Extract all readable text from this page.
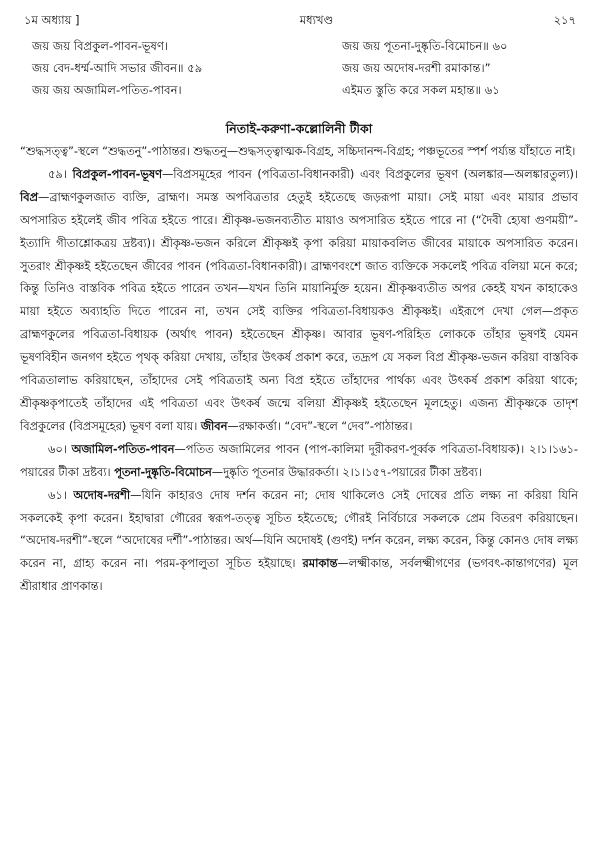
১ম অধ্যায় ]	মধ্যখণ্ড	২১৭
জয় জয় বিপ্রকুল-পাবন-ভূষণ।	জয় জয় পূতনা-দুষ্কৃতি-বিমোচন॥ ৬০
জয় বেদ-ধর্ম্ম-আদি সভার জীবন॥ ৫৯	জয় জয় অদোষ-দরশী রমাকান্ত।”
জয় জয় অজামিল-পতিত-পাবন।	এইমত স্তুতি করে সকল মহান্ত॥ ৬১
নিতাই-করুণা-কল্লোলিনী টীকা

“শুদ্ধসত্ত্ব”-স্থলে “শুদ্ধতনু”-পাঠান্তর। শুদ্ধতনু—শুদ্ধসত্ত্বাত্মক-বিগ্রহ, সচ্চিদানন্দ-বিগ্রহ; পঞ্চভূতের স্পর্শ পর্য্যন্ত যাঁহাতে নাই।

৫৯। বিপ্রকুল-পাবন-ভূষণ—বিপ্রসমূহের পাবন (পবিত্রতা-বিধানকারী) এবং বিপ্রকুলের ভূষণ (অলঙ্কার—অলঙ্কারতুল্য)। বিপ্র—ব্রাহ্মণকুলজাত ব্যক্তি, ব্রাহ্মণ। সমস্ত অপবিত্রতার হেতুই হইতেছে জড়রূপা মায়া। সেই মায়া এবং মায়ার প্রভাব অপসারিত হইলেই জীব পবিত্র হইতে পারে। শ্রীকৃষ্ণ-ভজনব্যতীত মায়াও অপসারিত হইতে পারে না (“দৈবী হ্যেষা গুণময়ী”-ইত্যাদি গীতাশ্লোকত্রয় দ্রষ্টব্য)। শ্রীকৃষ্ণ-ভজন করিলে শ্রীকৃষ্ণই কৃপা করিয়া মায়াকবলিত জীবের মায়াকে অপসারিত করেন। সুতরাং শ্রীকৃষ্ণই হইতেছেন জীবের পাবন (পবিত্রতা-বিধানকারী)। ব্রাহ্মণবংশে জাত ব্যক্তিকে সকলেই পবিত্র বলিয়া মনে করে; কিন্তু তিনিও বাস্তবিক পবিত্র হইতে পারেন তখন—যখন তিনি মায়ানির্মুক্ত হয়েন। শ্রীকৃষ্ণব্যতীত অপর কেহই যখন কাহাকেও মায়া হইতে অব্যাহতি দিতে পারেন না, তখন সেই ব্যক্তির পবিত্রতা-বিধায়কও শ্রীকৃষ্ণই। এইরূপে দেখা গেল—প্রকৃত ব্রাহ্মণকুলের পবিত্রতা-বিধায়ক (অর্থাৎ পাবন) হইতেছেন শ্রীকৃষ্ণ। আবার ভূষণ-পরিহিত লোককে তাঁহার ভূষণই যেমন ভূষণবিহীন জনগণ হইতে পৃথক্ করিয়া দেখায়, তাঁহার উৎকর্ষ প্রকাশ করে, তদ্রূপ যে সকল বিপ্র শ্রীকৃষ্ণ-ভজন করিয়া বাস্তবিক পবিত্রতালাভ করিয়াছেন, তাঁহাদের সেই পবিত্রতাই অন্য বিপ্র হইতে তাঁহাদের পার্থক্য এবং উৎকর্ষ প্রকাশ করিয়া থাকে; শ্রীকৃষ্ণকৃপাতেই তাঁহাদের এই পবিত্রতা এবং উৎকর্ষ জন্মে বলিয়া শ্রীকৃষ্ণই হইতেছেন মূলহেতু। এজন্য শ্রীকৃষ্ণকে তাদৃশ বিপ্রকুলের (বিপ্রসমূহের) ভূষণ বলা যায়। জীবন—রক্ষাকর্ত্তা। “বেদ”-স্থলে “দেব”-পাঠান্তর।

৬০। অজামিল-পতিত-পাবন—পতিত অজামিলের পাবন (পাপ-কালিমা দূরীকরণ-পূর্ব্বক পবিত্রতা-বিধায়ক)। ২।১।১৬১-পয়ারের টীকা দ্রষ্টব্য। পূতনা-দুষ্কৃতি-বিমোচন—দুষ্কৃতি পূতনার উদ্ধারকর্তা। ২।১।১৫৭-পয়ারের টীকা দ্রষ্টব্য।

৬১। অদোষ-দরশী—যিনি কাহারও দোষ দর্শন করেন না; দোষ থাকিলেও সেই দোষের প্রতি লক্ষ্য না করিয়া যিনি সকলকেই কৃপা করেন। ইহাদ্বারা গৌরের স্বরূপ-তত্ত্ব সূচিত হইতেছে; গৌরই নির্বিচারে সকলকে প্রেম বিতরণ করিয়াছেন। “অদোষ-দরশী”-স্থলে “অদোষের দর্শী”-পাঠান্তর। অর্থ—যিনি অদোষই (গুণই) দর্শন করেন, লক্ষ্য করেন, কিন্তু কোনও দোষ লক্ষ্য করেন না, গ্রাহ্য করেন না। পরম-কৃপালুতা সূচিত হইয়াছে। রমাকান্ত—লক্ষ্মীকান্ত, সর্বলক্ষ্মীগণের (ভগবৎ-কান্তাগণের) মূল শ্রীরাধার প্রাণকান্ত।
